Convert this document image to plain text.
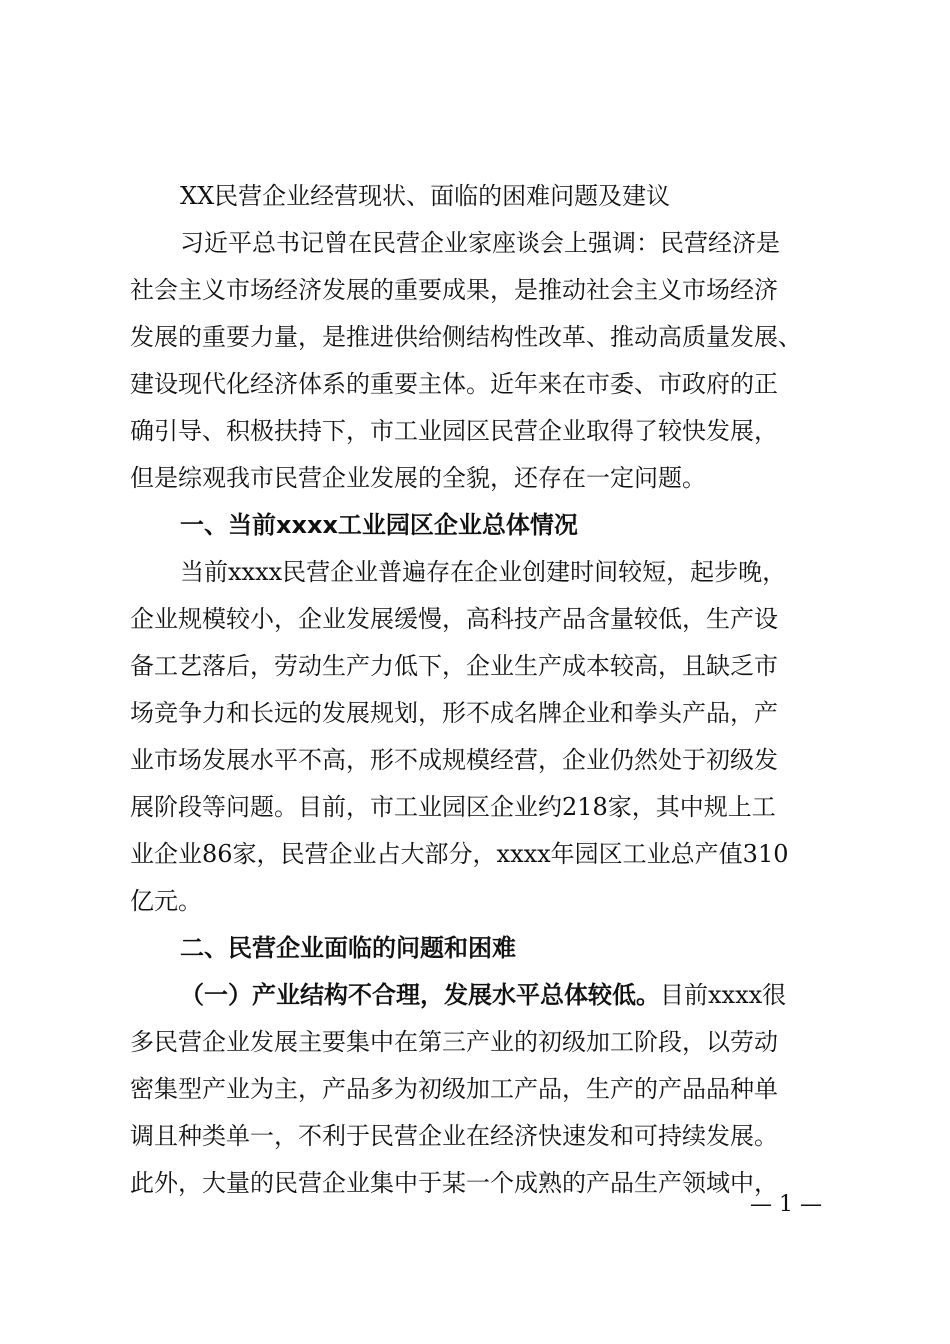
XX民营企业经营现状、面临的困难问题及建议
习近平总书记曾在民营企业家座谈会上强调：民营经济是
社会主义市场经济发展的重要成果，是推动社会主义市场经济
发展的重要力量，是推进供给侧结构性改革、推动高质量发展、
建设现代化经济体系的重要主体。近年来在市委、市政府的正
确引导、积极扶持下，市工业园区民营企业取得了较快发展，
但是综观我市民营企业发展的全貌，还存在一定问题。
一、当前xxxx工业园区企业总体情况
当前xxxx民营企业普遍存在企业创建时间较短，起步晚，
企业规模较小，企业发展缓慢，高科技产品含量较低，生产设
备工艺落后，劳动生产力低下，企业生产成本较高，且缺乏市
场竞争力和长远的发展规划，形不成名牌企业和拳头产品，产
业市场发展水平不高，形不成规模经营，企业仍然处于初级发
展阶段等问题。目前，市工业园区企业约218家，其中规上工
业企业86家，民营企业占大部分，xxxx年园区工业总产值310
亿元。
二、民营企业面临的问题和困难
（一）产业结构不合理，发展水平总体较低。目前xxxx很
多民营企业发展主要集中在第三产业的初级加工阶段，以劳动
密集型产业为主，产品多为初级加工产品，生产的产品品种单
调且种类单一，不利于民营企业在经济快速发和可持续发展。
此外，大量的民营企业集中于某一个成熟的产品生产领域中，
— 1 —
